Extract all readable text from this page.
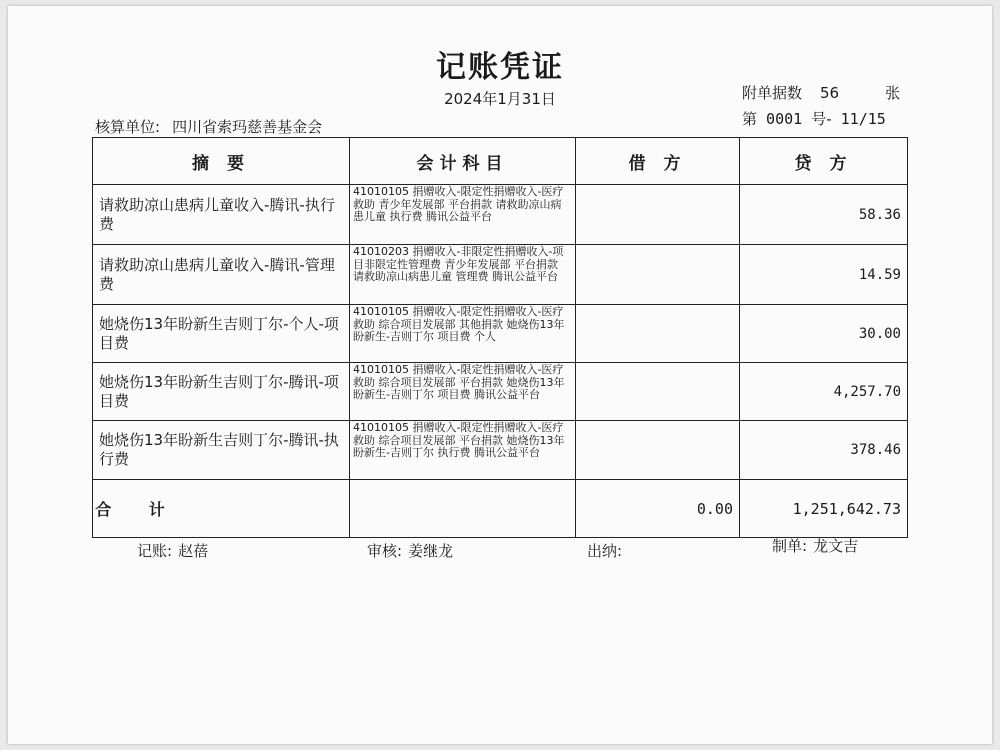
记账凭证
2024年1月31日
核算单位: 四川省索玛慈善基金会
附单据数 56	张
第 0001 号- 11/15
摘 要	会计科目	借 方	贷 方
请救助凉山患病儿童收入-腾讯-执行费	41010105 捐赠收入-限定性捐赠收入-医疗救助 青少年发展部 平台捐款 请救助凉山病患儿童 执行费 腾讯公益平台		58.36
请救助凉山患病儿童收入-腾讯-管理费	41010203 捐赠收入-非限定性捐赠收入-项目非限定性管理费 青少年发展部 平台捐款 请救助凉山病患儿童 管理费 腾讯公益平台		14.59
她烧伤13年盼新生吉则丁尔-个人-项目费	41010105 捐赠收入-限定性捐赠收入-医疗救助 综合项目发展部 其他捐款 她烧伤13年盼新生-吉则丁尔 项目费 个人		30.00
她烧伤13年盼新生吉则丁尔-腾讯-项目费	41010105 捐赠收入-限定性捐赠收入-医疗救助 综合项目发展部 平台捐款 她烧伤13年盼新生-吉则丁尔 项目费 腾讯公益平台		4,257.70
她烧伤13年盼新生吉则丁尔-腾讯-执行费	41010105 捐赠收入-限定性捐赠收入-医疗救助 综合项目发展部 平台捐款 她烧伤13年盼新生-吉则丁尔 执行费 腾讯公益平台		378.46

合 计		0.00	1,251,642.73
记账: 赵蓓	审核: 姜继龙	出纳:	制单: 龙文吉
